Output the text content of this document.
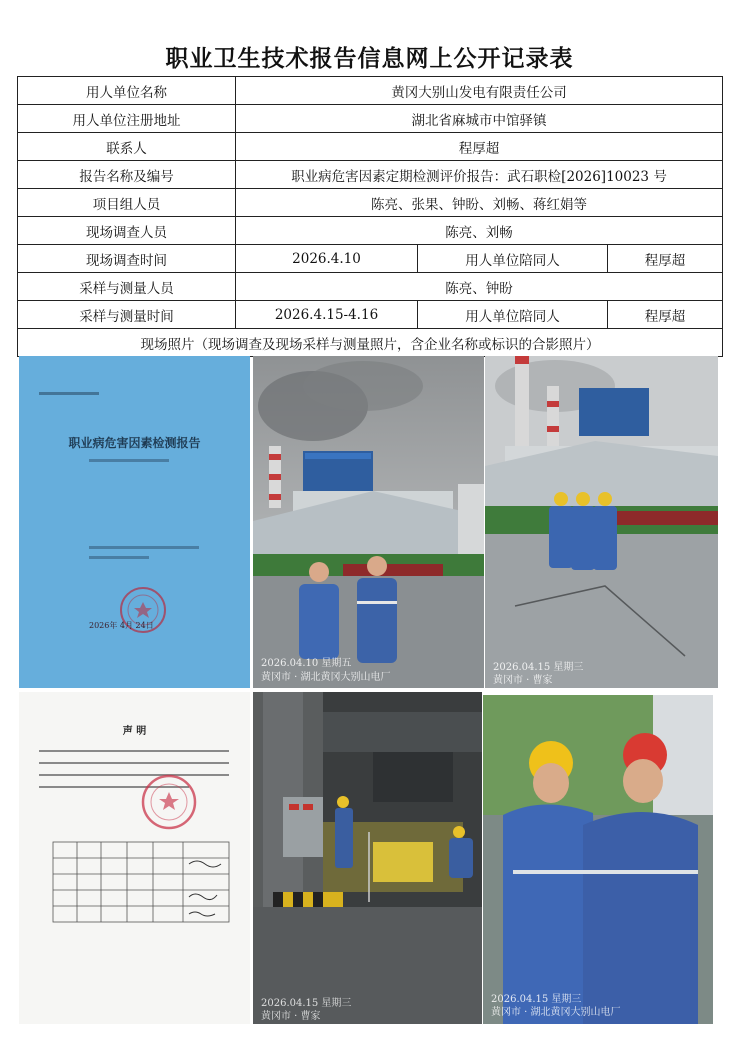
职业卫生技术报告信息网上公开记录表
用人单位名称	黄冈大别山发电有限责任公司		
用人单位注册地址	湖北省麻城市中馆驿镇		
联系人	程厚超		
报告名称及编号	职业病危害因素定期检测评价报告：武石职检[2026]10023 号		
项目组人员	陈亮、张果、钟盼、刘畅、蒋红娟等		
现场调查人员	陈亮、刘畅		
现场调查时间	2026.4.10	用人单位陪同人	程厚超
采样与测量人员	陈亮、钟盼		
采样与测量时间	2026.4.15-4.16	用人单位陪同人	程厚超
现场照片（现场调查及现场采样与测量照片，含企业名称或标识的合影照片）			
职业病危害因素检测报告
2026年 4月 24日
2026.04.10 星期五
黄冈市 · 湖北黄冈大别山电厂
2026.04.15 星期三
黄冈市 · 曹家
声 明
2026.04.15 星期三
黄冈市 · 曹家
2026.04.15 星期三
黄冈市 · 湖北黄冈大别山电厂
